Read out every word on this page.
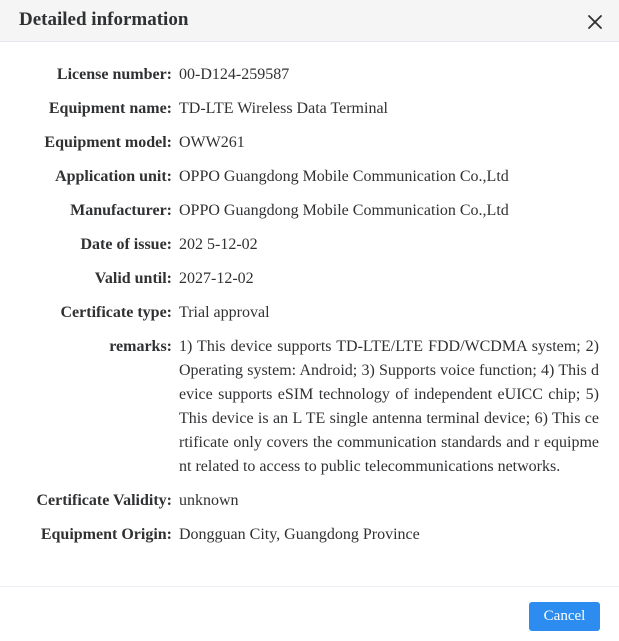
Detailed information
License number: 00-D124-259587
Equipment name: TD-LTE Wireless Data Terminal
Equipment model: OWW261
Application unit: OPPO Guangdong Mobile Communication Co.,Ltd
Manufacturer: OPPO Guangdong Mobile Communication Co.,Ltd
Date of issue: 202 5-12-02
Valid until: 2027-12-02
Certificate type: Trial approval
remarks: 1) This device supports TD-LTE/LTE FDD/WCDMA system; 2) Operating system: Android; 3) Supports voice function; 4) This device supports eSIM technology of independent eUICC chip; 5) This device is an L TE single antenna terminal device; 6) This certificate only covers the communication standards and r equipment related to access to public telecommunications networks.
Certificate Validity: unknown
Equipment Origin: Dongguan City, Guangdong Province
Cancel
